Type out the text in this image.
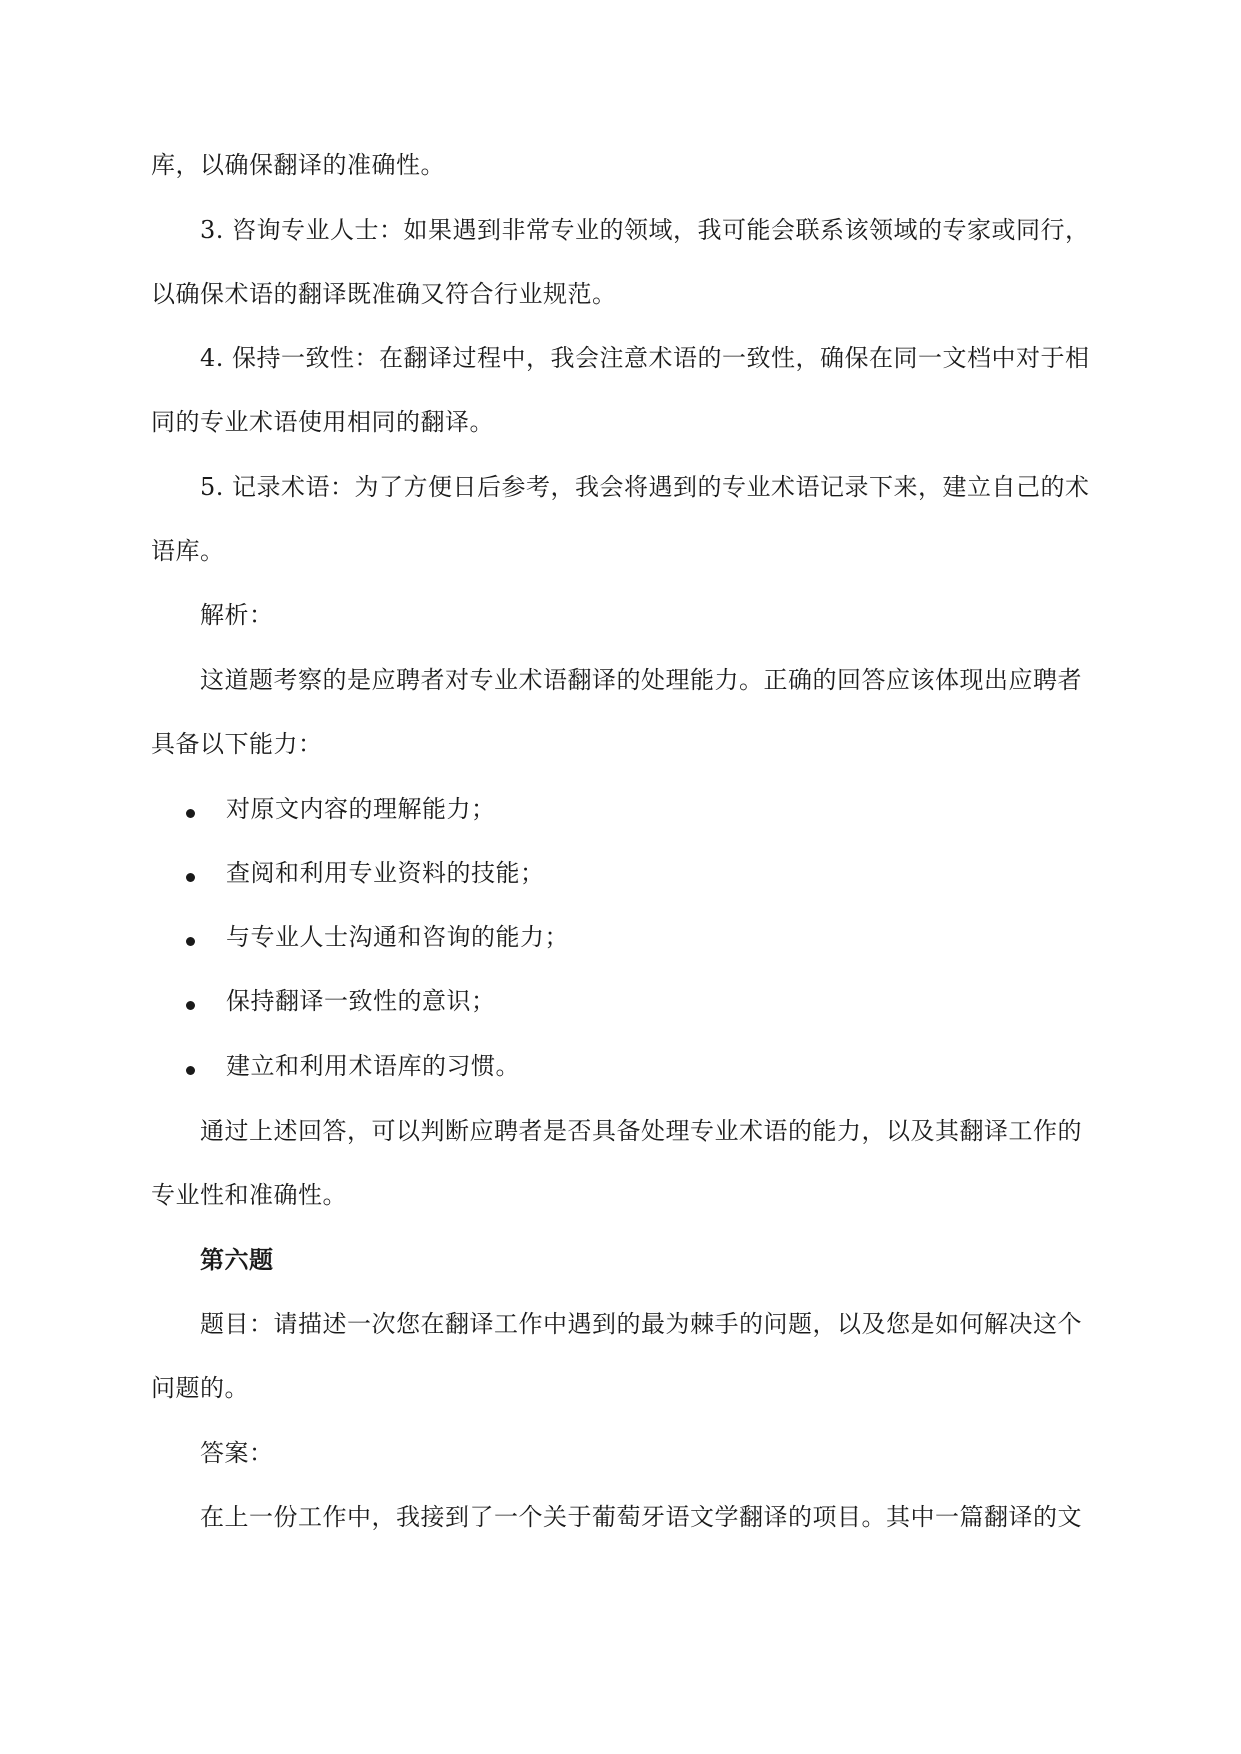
库，以确保翻译的准确性。
3. 咨询专业人士：如果遇到非常专业的领域，我可能会联系该领域的专家或同行，
以确保术语的翻译既准确又符合行业规范。
4. 保持一致性：在翻译过程中，我会注意术语的一致性，确保在同一文档中对于相
同的专业术语使用相同的翻译。
5. 记录术语：为了方便日后参考，我会将遇到的专业术语记录下来，建立自己的术
语库。
解析：
这道题考察的是应聘者对专业术语翻译的处理能力。正确的回答应该体现出应聘者
具备以下能力：
对原文内容的理解能力；
查阅和利用专业资料的技能；
与专业人士沟通和咨询的能力；
保持翻译一致性的意识；
建立和利用术语库的习惯。
通过上述回答，可以判断应聘者是否具备处理专业术语的能力，以及其翻译工作的
专业性和准确性。
第六题
题目：请描述一次您在翻译工作中遇到的最为棘手的问题，以及您是如何解决这个
问题的。
答案：
在上一份工作中，我接到了一个关于葡萄牙语文学翻译的项目。其中一篇翻译的文
